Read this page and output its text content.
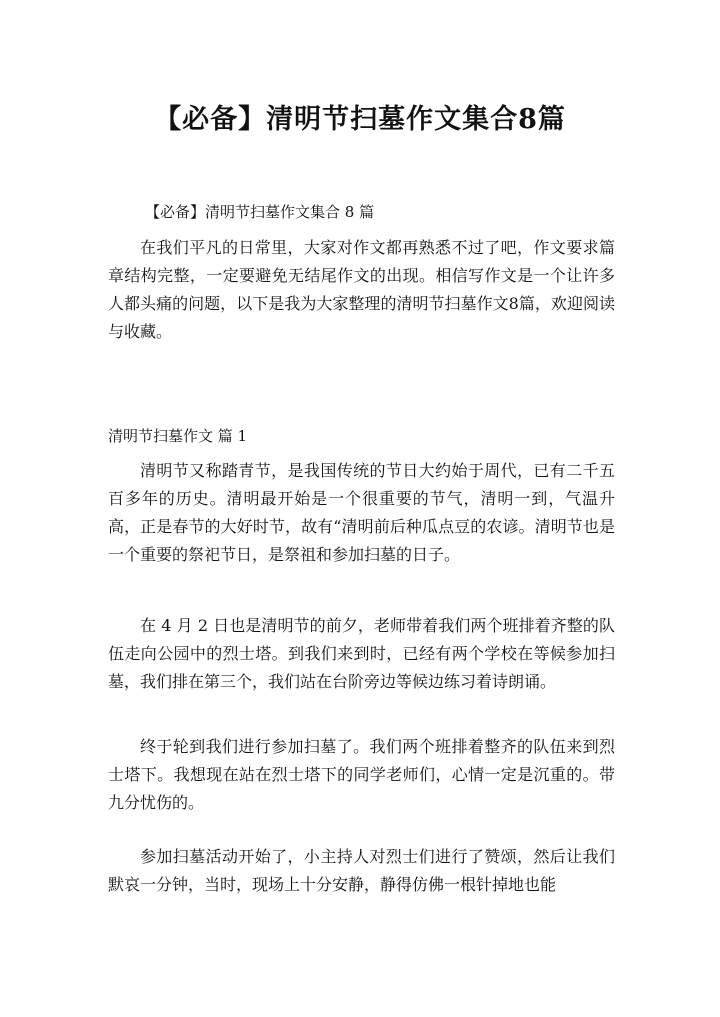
【必备】清明节扫墓作文集合8篇
【必备】清明节扫墓作文集合 8 篇

在我们平凡的日常里，大家对作文都再熟悉不过了吧，作文要求篇章结构完整，一定要避免无结尾作文的出现。相信写作文是一个让许多人都头痛的问题，以下是我为大家整理的清明节扫墓作文8篇，欢迎阅读与收藏。

清明节扫墓作文 篇 1

清明节又称踏青节，是我国传统的节日大约始于周代，已有二千五百多年的历史。清明最开始是一个很重要的节气，清明一到，气温升高，正是春节的大好时节，故有“清明前后种瓜点豆的农谚。清明节也是一个重要的祭祀节日，是祭祖和参加扫墓的日子。

在 4 月 2 日也是清明节的前夕，老师带着我们两个班排着齐整的队伍走向公园中的烈士塔。到我们来到时，已经有两个学校在等候参加扫墓，我们排在第三个，我们站在台阶旁边等候边练习着诗朗诵。

终于轮到我们进行参加扫墓了。我们两个班排着整齐的队伍来到烈士塔下。我想现在站在烈士塔下的同学老师们，心情一定是沉重的。带九分忧伤的。

参加扫墓活动开始了，小主持人对烈士们进行了赞颂，然后让我们默哀一分钟，当时，现场上十分安静，静得仿佛一根针掉地也能
